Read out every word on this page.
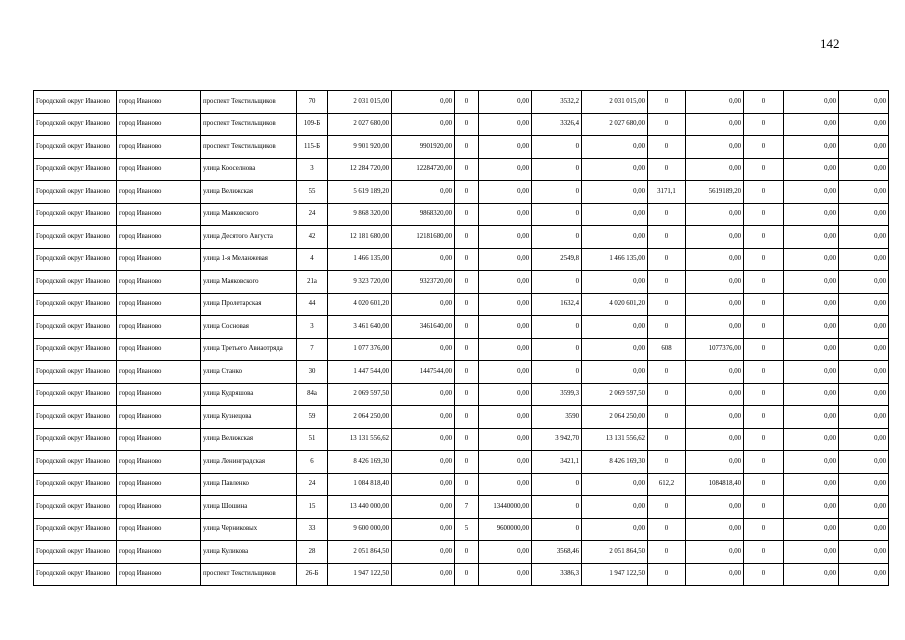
142
Городской округ Иваново	город Иваново	проспект Текстильщиков	70	2 031 015,00	0,00	0	0,00	3532,2	2 031 015,00	0	0,00	0	0,00	0,00
Городской округ Иваново	город Иваново	проспект Текстильщиков	109-Б	2 027 680,00	0,00	0	0,00	3326,4	2 027 680,00	0	0,00	0	0,00	0,00
Городской округ Иваново	город Иваново	проспект Текстильщиков	115-Б	9 901 920,00	9901920,00	0	0,00	0	0,00	0	0,00	0	0,00	0,00
Городской округ Иваново	город Иваново	улица Кооселнова	3	12 284 720,00	12284720,00	0	0,00	0	0,00	0	0,00	0	0,00	0,00
Городской округ Иваново	город Иваново	улица Велижская	55	5 619 189,20	0,00	0	0,00	0	0,00	3171,1	5619189,20	0	0,00	0,00
Городской округ Иваново	город Иваново	улица Маяковского	24	9 868 320,00	9868320,00	0	0,00	0	0,00	0	0,00	0	0,00	0,00
Городской округ Иваново	город Иваново	улица Десятого Августа	42	12 181 680,00	12181680,00	0	0,00	0	0,00	0	0,00	0	0,00	0,00
Городской округ Иваново	город Иваново	улица 1-я Меланжевая	4	1 466 135,00	0,00	0	0,00	2549,8	1 466 135,00	0	0,00	0	0,00	0,00
Городской округ Иваново	город Иваново	улица Маяковского	21а	9 323 720,00	9323720,00	0	0,00	0	0,00	0	0,00	0	0,00	0,00
Городской округ Иваново	город Иваново	улица Пролетарская	44	4 020 601,20	0,00	0	0,00	1632,4	4 020 601,20	0	0,00	0	0,00	0,00
Городской округ Иваново	город Иваново	улица Сосновая	3	3 461 640,00	3461640,00	0	0,00	0	0,00	0	0,00	0	0,00	0,00
Городской округ Иваново	город Иваново	улица Третьего Авиаотряда	7	1 077 376,00	0,00	0	0,00	0	0,00	608	1077376,00	0	0,00	0,00
Городской округ Иваново	город Иваново	улица Станко	30	1 447 544,00	1447544,00	0	0,00	0	0,00	0	0,00	0	0,00	0,00
Городской округ Иваново	город Иваново	улица Кудряшова	84а	2 069 597,50	0,00	0	0,00	3599,3	2 069 597,50	0	0,00	0	0,00	0,00
Городской округ Иваново	город Иваново	улица Кузнецова	59	2 064 250,00	0,00	0	0,00	3590	2 064 250,00	0	0,00	0	0,00	0,00
Городской округ Иваново	город Иваново	улица Велижская	51	13 131 556,62	0,00	0	0,00	3 942,70	13 131 556,62	0	0,00	0	0,00	0,00
Городской округ Иваново	город Иваново	улица Ленинградская	6	8 426 169,30	0,00	0	0,00	3421,1	8 426 169,30	0	0,00	0	0,00	0,00
Городской округ Иваново	город Иваново	улица Павленко	24	1 084 818,40	0,00	0	0,00	0	0,00	612,2	1084818,40	0	0,00	0,00
Городской округ Иваново	город Иваново	улица Шошина	15	13 440 000,00	0,00	7	13440000,00	0	0,00	0	0,00	0	0,00	0,00
Городской округ Иваново	город Иваново	улица Черниковых	33	9 600 000,00	0,00	5	9600000,00	0	0,00	0	0,00	0	0,00	0,00
Городской округ Иваново	город Иваново	улица Куликова	28	2 051 864,50	0,00	0	0,00	3568,46	2 051 864,50	0	0,00	0	0,00	0,00
Городской округ Иваново	город Иваново	проспект Текстильщиков	26-Б	1 947 122,50	0,00	0	0,00	3386,3	1 947 122,50	0	0,00	0	0,00	0,00
